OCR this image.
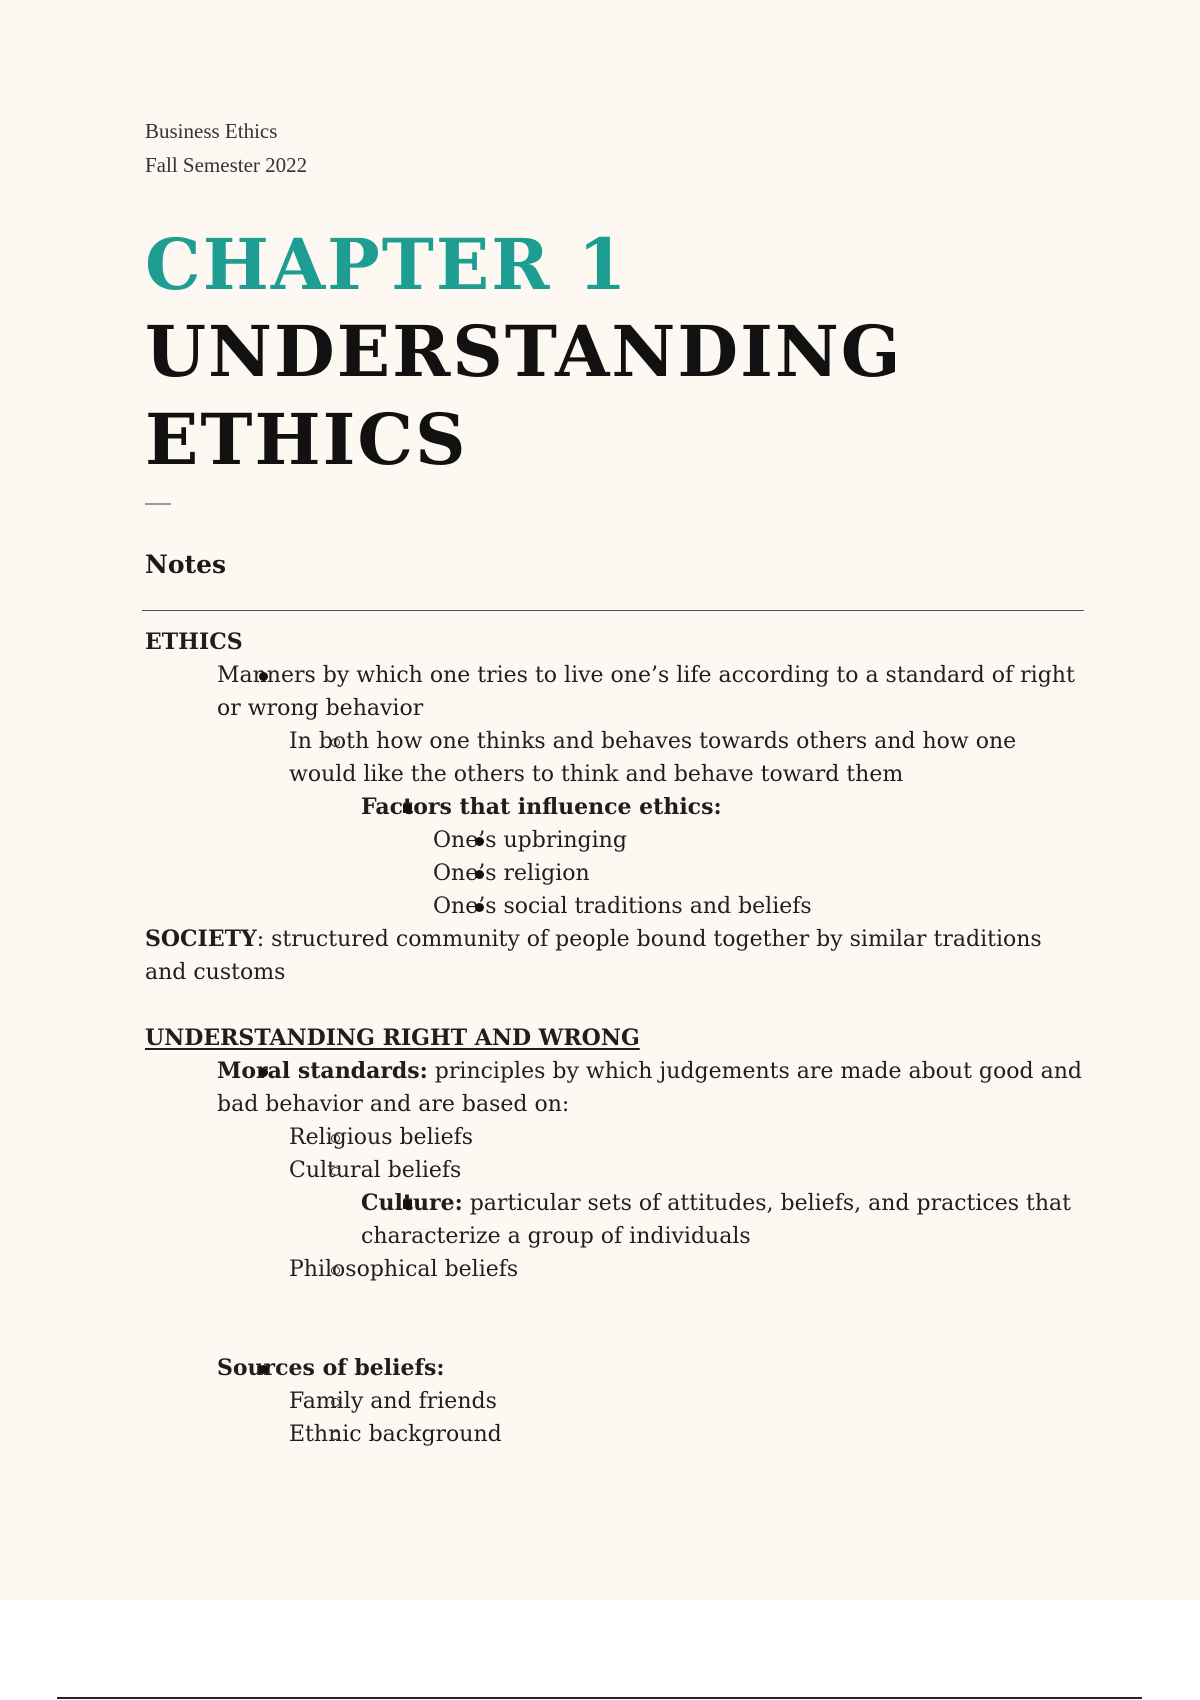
Business Ethics
Fall Semester 2022
CHAPTER 1
UNDERSTANDING
ETHICS
Notes

ETHICS

Manners by which one tries to live one’s life according to a standard of right or wrong behavior
In both how one thinks and behaves towards others and how one would like the others to think and behave toward them
Factors that influence ethics:
One’s upbringing
One’s religion
One’s social traditions and beliefs

SOCIETY: structured community of people bound together by similar traditions and customs

UNDERSTANDING RIGHT AND WRONG

Moral standards: principles by which judgements are made about good and bad behavior and are based on:
Religious beliefs
Cultural beliefs
Culture: particular sets of attitudes, beliefs, and practices that characterize a group of individuals
Philosophical beliefs
Sources of beliefs:
Family and friends
Ethnic background
